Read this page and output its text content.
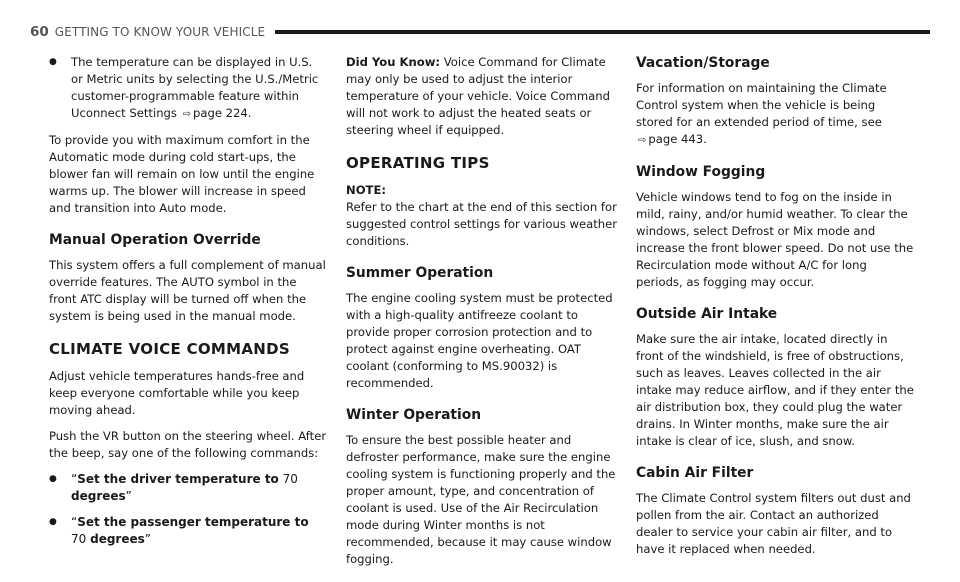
60 GETTING TO KNOW YOUR VEHICLE
●	The temperature can be displayed in U.S. or Metric units by selecting the U.S./Metric customer-programmable feature within Uconnect Settings ⇨ page 224.

To provide you with maximum comfort in the Automatic mode during cold start-ups, the blower fan will remain on low until the engine warms up. The blower will increase in speed and transition into Auto mode.

Manual Operation Override

This system offers a full complement of manual override features. The AUTO symbol in the front ATC display will be turned off when the system is being used in the manual mode.

CLIMATE VOICE COMMANDS

Adjust vehicle temperatures hands-free and keep everyone comfortable while you keep moving ahead.

Push the VR button on the steering wheel. After the beep, say one of the following commands:

●	“Set the driver temperature to 70 degrees”
●	“Set the passenger temperature to
70 degrees”

Did You Know: Voice Command for Climate may only be used to adjust the interior temperature of your vehicle. Voice Command will not work to adjust the heated seats or steering wheel if equipped.

OPERATING TIPS

NOTE:
Refer to the chart at the end of this section for suggested control settings for various weather conditions.

Summer Operation

The engine cooling system must be protected with a high-quality antifreeze coolant to provide proper corrosion protection and to protect against engine overheating. OAT coolant (conforming to MS.90032) is recommended.

Winter Operation

To ensure the best possible heater and defroster performance, make sure the engine cooling system is functioning properly and the proper amount, type, and concentration of coolant is used. Use of the Air Recirculation mode during Winter months is not recommended, because it may cause window fogging.

Vacation/Storage

For information on maintaining the Climate Control system when the vehicle is being stored for an extended period of time, see
⇨ page 443.

Window Fogging

Vehicle windows tend to fog on the inside in mild, rainy, and/or humid weather. To clear the windows, select Defrost or Mix mode and increase the front blower speed. Do not use the Recirculation mode without A/C for long periods, as fogging may occur.

Outside Air Intake

Make sure the air intake, located directly in front of the windshield, is free of obstructions, such as leaves. Leaves collected in the air intake may reduce airflow, and if they enter the air distribution box, they could plug the water drains. In Winter months, make sure the air intake is clear of ice, slush, and snow.

Cabin Air Filter

The Climate Control system filters out dust and pollen from the air. Contact an authorized dealer to service your cabin air filter, and to have it replaced when needed.
